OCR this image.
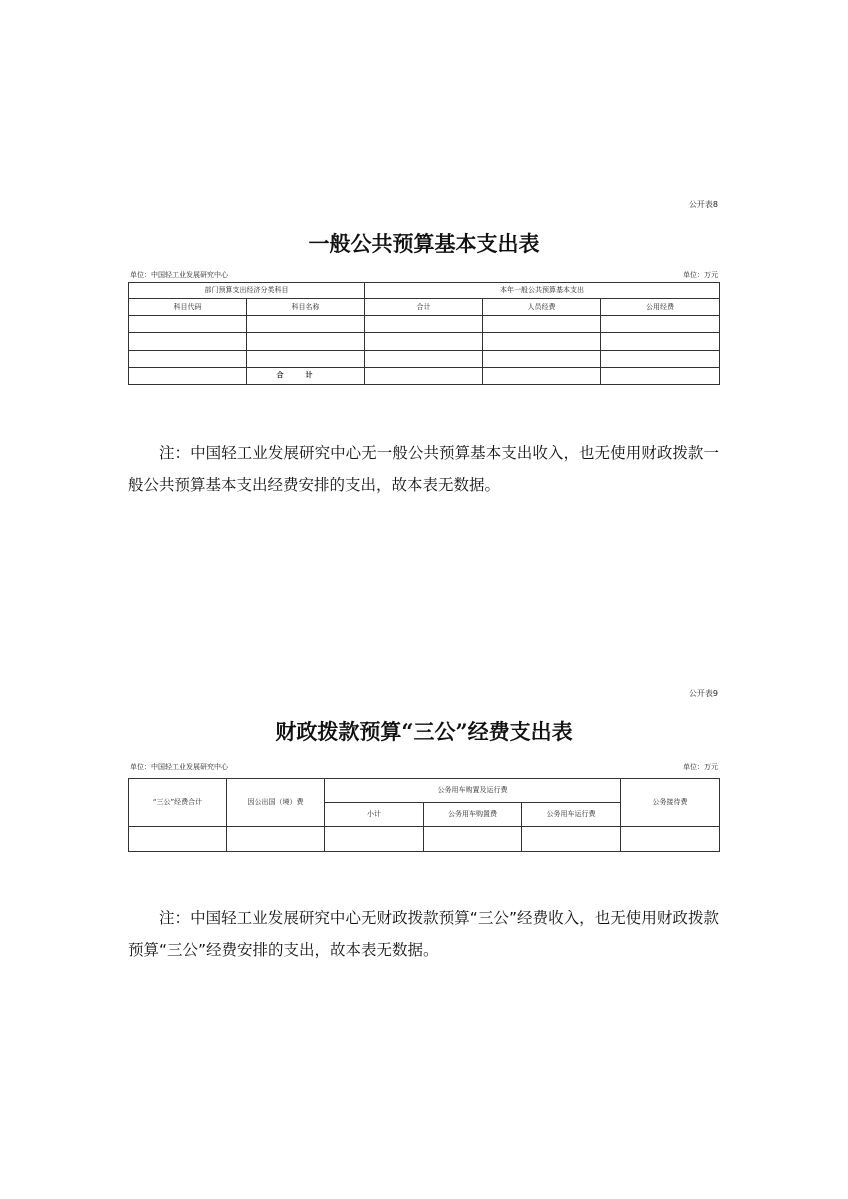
公开表8
一般公共预算基本支出表
单位：中国轻工业发展研究中心	单位：万元
部门预算支出经济分类科目		本年一般公共预算基本支出		
科目代码	科目名称	合计	人员经费	公用经费

	合计			

注：中国轻工业发展研究中心无一般公共预算基本支出收入，也无使用财政拨款一般公共预算基本支出经费安排的支出，故本表无数据。

公开表9
财政拨款预算“三公”经费支出表
单位：中国轻工业发展研究中心	单位：万元
“三公”经费合计	因公出国（境）费	公务用车购置及运行费			公务接待费
		小计	公务用车购置费	公务用车运行费	

注：中国轻工业发展研究中心无财政拨款预算“三公”经费收入，也无使用财政拨款预算“三公”经费安排的支出，故本表无数据。
